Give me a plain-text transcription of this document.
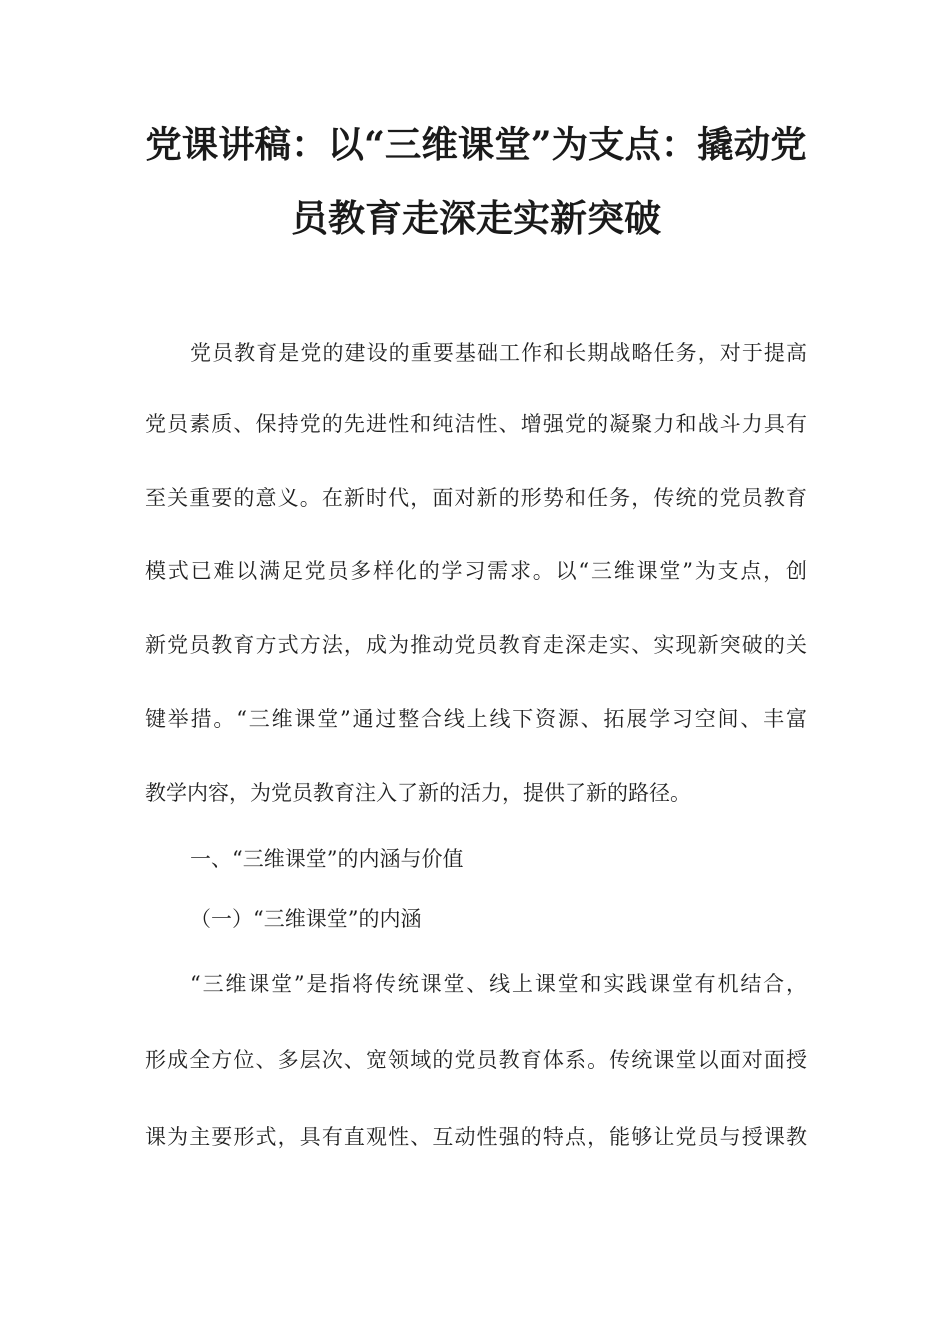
党课讲稿：以“三维课堂”为支点：撬动党
员教育走深走实新突破
党员教育是党的建设的重要基础工作和长期战略任务，对于提高
党员素质、保持党的先进性和纯洁性、增强党的凝聚力和战斗力具有
至关重要的意义。在新时代，面对新的形势和任务，传统的党员教育
模式已难以满足党员多样化的学习需求。以“三维课堂”为支点，创
新党员教育方式方法，成为推动党员教育走深走实、实现新突破的关
键举措。“三维课堂”通过整合线上线下资源、拓展学习空间、丰富
教学内容，为党员教育注入了新的活力，提供了新的路径。
一、“三维课堂”的内涵与价值
（一）“三维课堂”的内涵
“三维课堂”是指将传统课堂、线上课堂和实践课堂有机结合，
形成全方位、多层次、宽领域的党员教育体系。传统课堂以面对面授
课为主要形式，具有直观性、互动性强的特点，能够让党员与授课教
